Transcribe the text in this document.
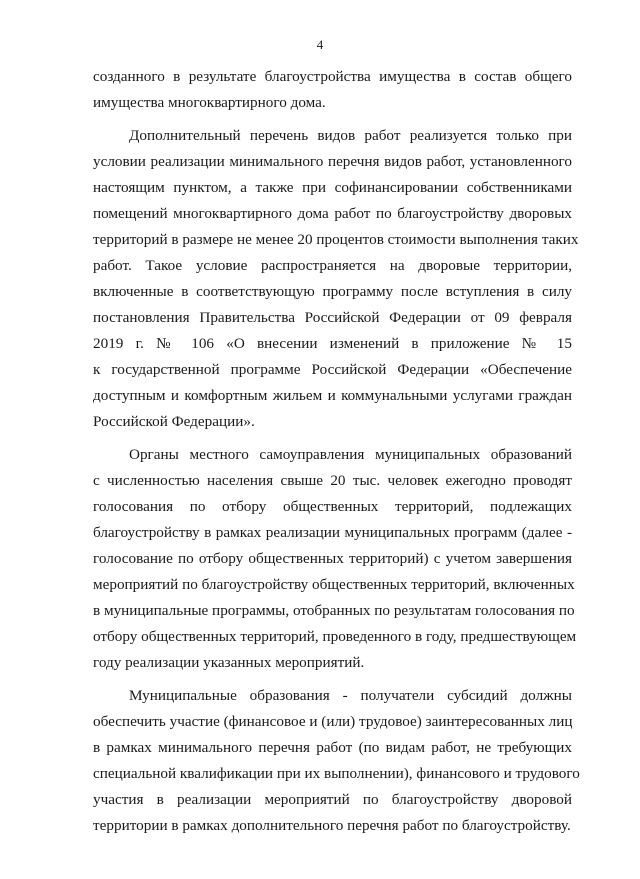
4
созданного в результате благоустройства имущества в состав общего
имущества многоквартирного дома.
Дополнительный перечень видов работ реализуется только при
условии реализации минимального перечня видов работ, установленного
настоящим пунктом, а также при софинансировании собственниками
помещений многоквартирного дома работ по благоустройству дворовых
территорий в размере не менее 20 процентов стоимости выполнения таких
работ. Такое условие распространяется на дворовые территории,
включенные в соответствующую программу после вступления в силу
постановления Правительства Российской Федерации от 09 февраля
2019 г. № 106 «О внесении изменений в приложение № 15
к государственной программе Российской Федерации «Обеспечение
доступным и комфортным жильем и коммунальными услугами граждан
Российской Федерации».
Органы местного самоуправления муниципальных образований
с численностью населения свыше 20 тыс. человек ежегодно проводят
голосования по отбору общественных территорий, подлежащих
благоустройству в рамках реализации муниципальных программ (далее -
голосование по отбору общественных территорий) с учетом завершения
мероприятий по благоустройству общественных территорий, включенных
в муниципальные программы, отобранных по результатам голосования по
отбору общественных территорий, проведенного в году, предшествующем
году реализации указанных мероприятий.
Муниципальные образования - получатели субсидий должны
обеспечить участие (финансовое и (или) трудовое) заинтересованных лиц
в рамках минимального перечня работ (по видам работ, не требующих
специальной квалификации при их выполнении), финансового и трудового
участия в реализации мероприятий по благоустройству дворовой
территории в рамках дополнительного перечня работ по благоустройству.
